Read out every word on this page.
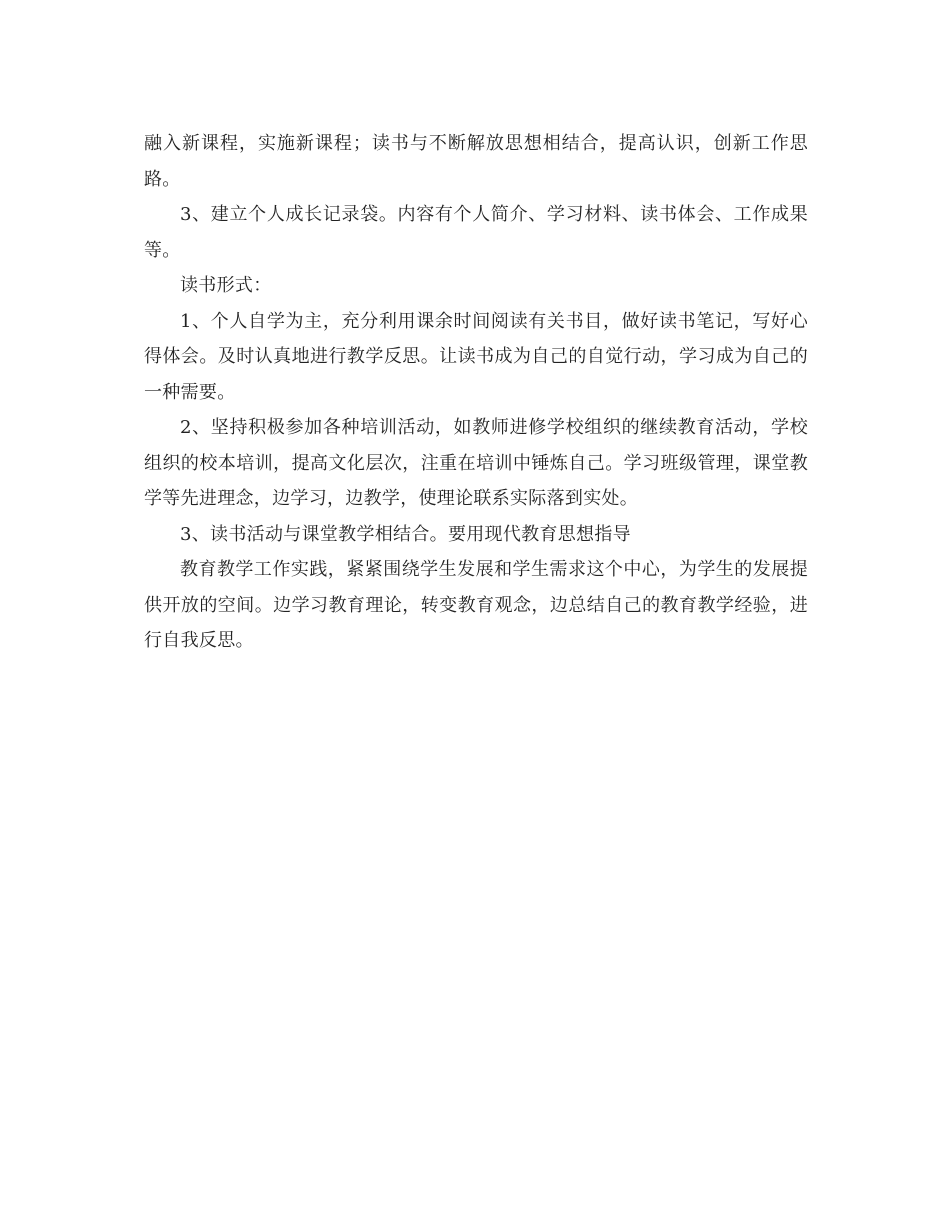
融入新课程，实施新课程；读书与不断解放思想相结合，提高认识，创新工作思路。

3、建立个人成长记录袋。内容有个人简介、学习材料、读书体会、工作成果等。

读书形式：

1、个人自学为主，充分利用课余时间阅读有关书目，做好读书笔记，写好心得体会。及时认真地进行教学反思。让读书成为自己的自觉行动，学习成为自己的一种需要。

2、坚持积极参加各种培训活动，如教师进修学校组织的继续教育活动，学校组织的校本培训，提高文化层次，注重在培训中锤炼自己。学习班级管理，课堂教学等先进理念，边学习，边教学，使理论联系实际落到实处。

3、读书活动与课堂教学相结合。要用现代教育思想指导

教育教学工作实践，紧紧围绕学生发展和学生需求这个中心，为学生的发展提供开放的空间。边学习教育理论，转变教育观念，边总结自己的教育教学经验，进行自我反思。
